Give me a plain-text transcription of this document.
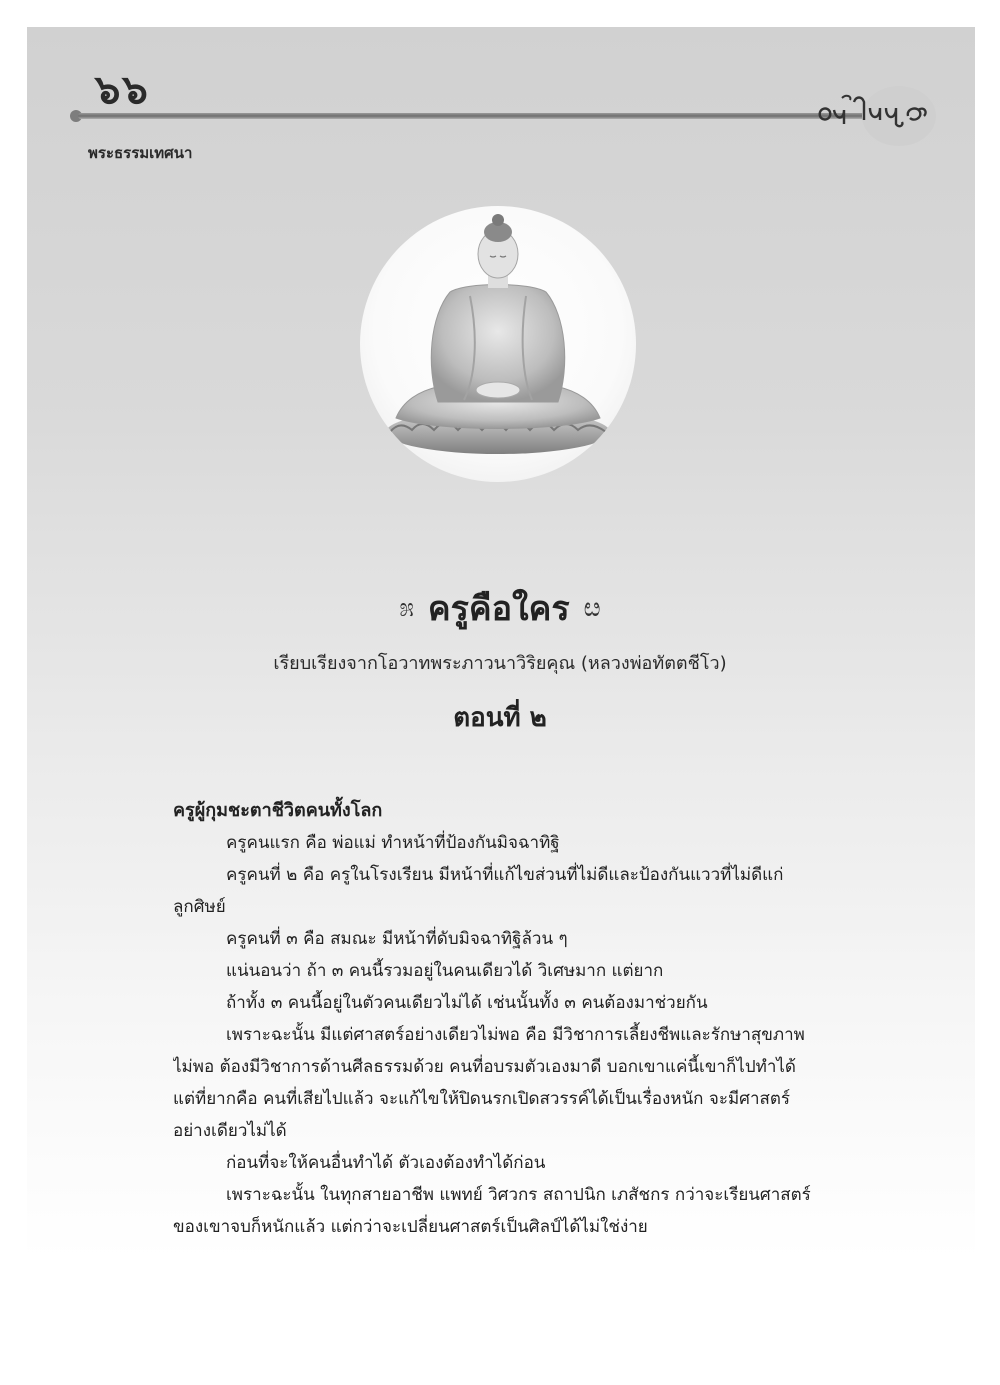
๖๖
พระธรรมเทศนา
೫ ครูคือใคร ೞ
เรียบเรียงจากโอวาทพระภาวนาวิริยคุณ (หลวงพ่อทัตตชีโว)
ตอนที่ ๒
ครูผู้กุมชะตาชีวิตคนทั้งโลก
ครูคนแรก คือ พ่อแม่ ทำหน้าที่ป้องกันมิจฉาทิฐิ
ครูคนที่ ๒ คือ ครูในโรงเรียน มีหน้าที่แก้ไขส่วนที่ไม่ดีและป้องกันแววที่ไม่ดีแก่
ลูกศิษย์
ครูคนที่ ๓ คือ สมณะ มีหน้าที่ดับมิจฉาทิฐิล้วน ๆ
แน่นอนว่า ถ้า ๓ คนนี้รวมอยู่ในคนเดียวได้ วิเศษมาก แต่ยาก
ถ้าทั้ง ๓ คนนี้อยู่ในตัวคนเดียวไม่ได้ เช่นนั้นทั้ง ๓ คนต้องมาช่วยกัน
เพราะฉะนั้น มีแต่ศาสตร์อย่างเดียวไม่พอ คือ มีวิชาการเลี้ยงชีพและรักษาสุขภาพ
ไม่พอ ต้องมีวิชาการด้านศีลธรรมด้วย คนที่อบรมตัวเองมาดี บอกเขาแค่นี้เขาก็ไปทำได้
แต่ที่ยากคือ คนที่เสียไปแล้ว จะแก้ไขให้ปิดนรกเปิดสวรรค์ได้เป็นเรื่องหนัก จะมีศาสตร์
อย่างเดียวไม่ได้
ก่อนที่จะให้คนอื่นทำได้ ตัวเองต้องทำได้ก่อน
เพราะฉะนั้น ในทุกสายอาชีพ แพทย์ วิศวกร สถาปนิก เภสัชกร กว่าจะเรียนศาสตร์
ของเขาจบก็หนักแล้ว แต่กว่าจะเปลี่ยนศาสตร์เป็นศิลป์ได้ไม่ใช่ง่าย
